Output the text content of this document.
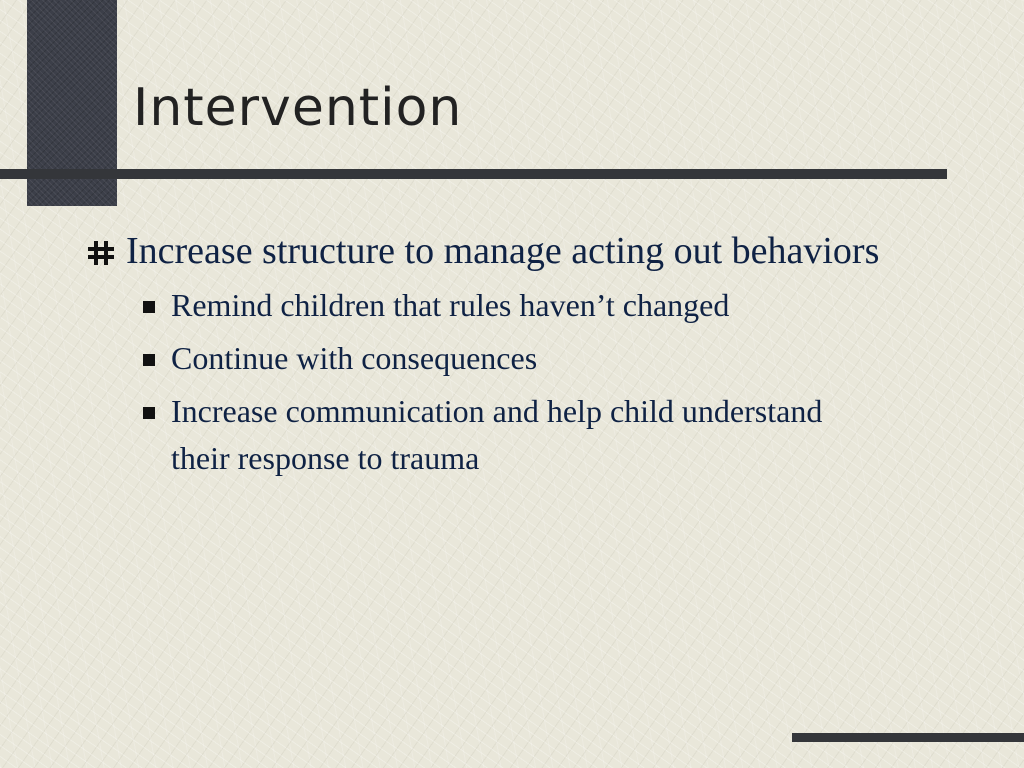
Intervention
Increase structure to manage acting out behaviors
Remind children that rules haven’t changed
Continue with consequences
Increase communication and help child understand their response to trauma
